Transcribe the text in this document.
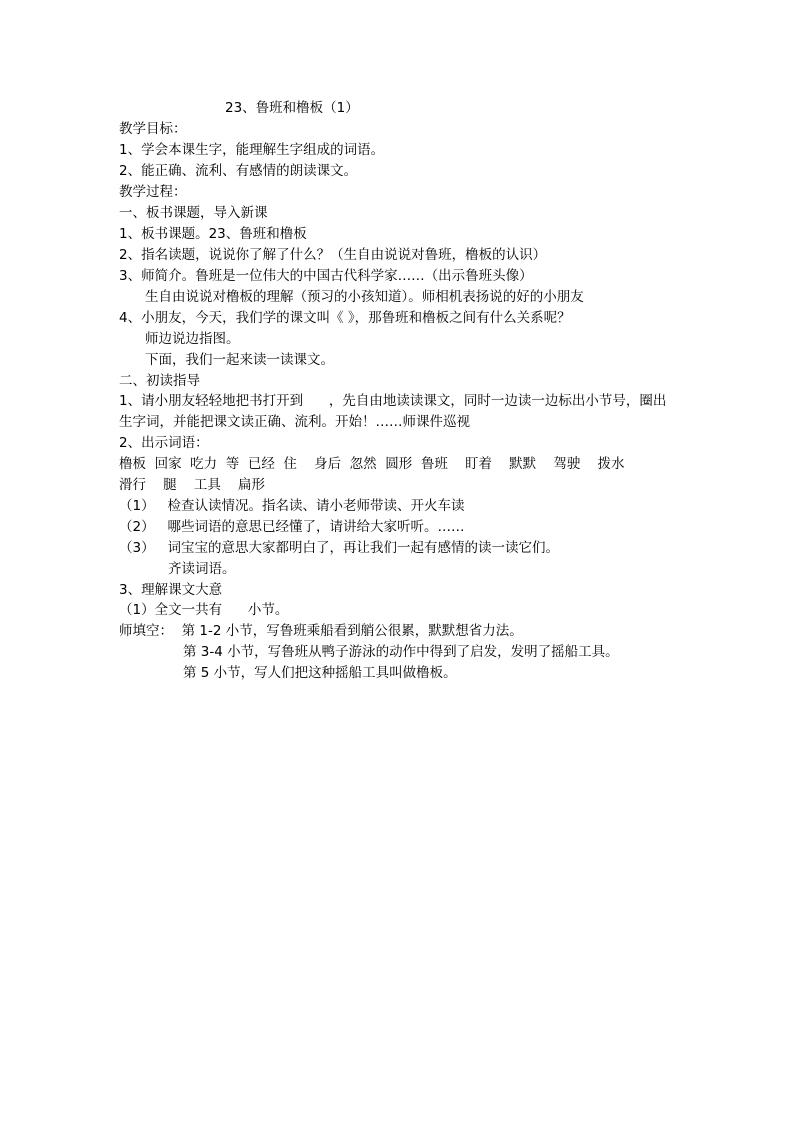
23、鲁班和橹板（1）
教学目标：
1、学会本课生字，能理解生字组成的词语。
2、能正确、流利、有感情的朗读课文。
教学过程：
一、板书课题，导入新课
1、板书课题。23、鲁班和橹板
2、指名读题，说说你了解了什么？（生自由说说对鲁班，橹板的认识）
3、师简介。鲁班是一位伟大的中国古代科学家……（出示鲁班头像）
生自由说说对橹板的理解（预习的小孩知道）。师相机表扬说的好的小朋友
4、小朋友，今天，我们学的课文叫《 》，那鲁班和橹板之间有什么关系呢？
师边说边指图。
下面，我们一起来读一读课文。
二、初读指导
1、请小朋友轻轻地把书打开到      ，先自由地读读课文，同时一边读一边标出小节号，圈出
生字词，并能把课文读正确、流利。开始！……师课件巡视
2、出示词语：
橹板  回家  吃力  等  已经  住    身后  忽然  圆形  鲁班    盯着    默默    驾驶    拨水
滑行    腿    工具    扁形
（1）   检查认读情况。指名读、请小老师带读、开火车读
（2）   哪些词语的意思已经懂了，请讲给大家听听。……
（3）   词宝宝的意思大家都明白了，再让我们一起有感情的读一读它们。
齐读词语。
3、理解课文大意
（1）全文一共有      小节。
师填空：  第 1-2 小节，写鲁班乘船看到艄公很累，默默想省力法。
第 3-4 小节，写鲁班从鸭子游泳的动作中得到了启发，发明了摇船工具。
第 5 小节，写人们把这种摇船工具叫做橹板。
